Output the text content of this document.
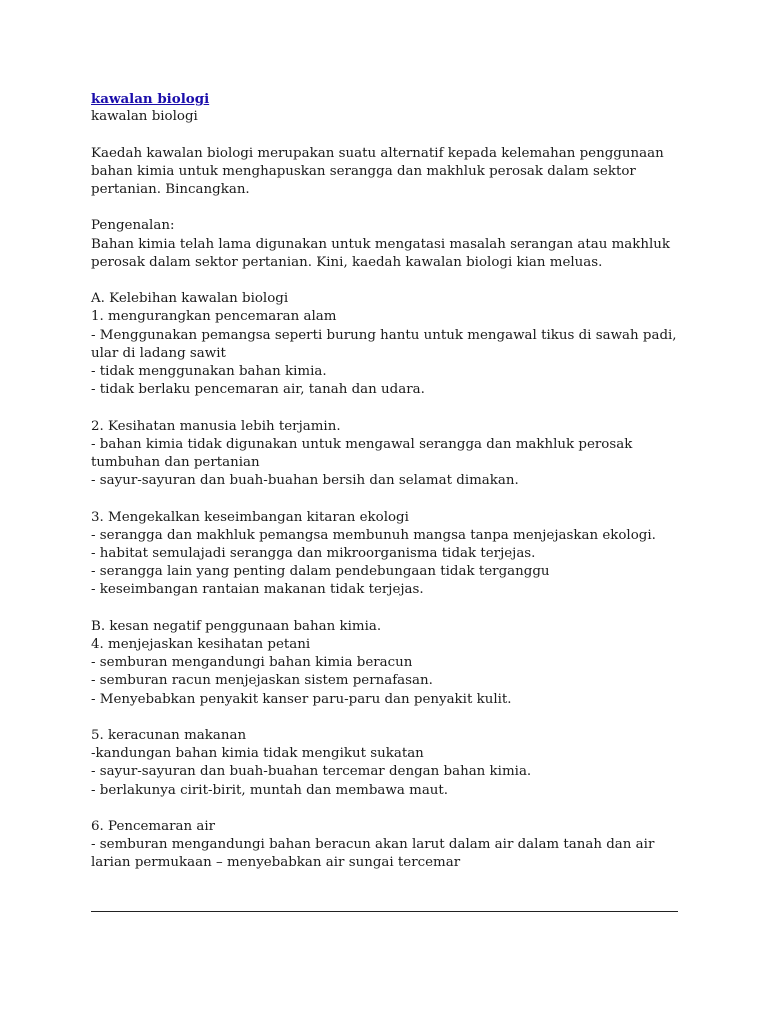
kawalan biologi
kawalan biologi
Kaedah kawalan biologi merupakan suatu alternatif kepada kelemahan penggunaan bahan kimia untuk menghapuskan serangga dan makhluk perosak dalam sektor pertanian. Bincangkan.
Pengenalan:
Bahan kimia telah lama digunakan untuk mengatasi masalah serangan atau makhluk perosak dalam sektor pertanian. Kini, kaedah kawalan biologi kian meluas.
A. Kelebihan kawalan biologi
1. mengurangkan pencemaran alam
- Menggunakan pemangsa seperti burung hantu untuk mengawal tikus di sawah padi, ular di ladang sawit
- tidak menggunakan bahan kimia.
- tidak berlaku pencemaran air, tanah dan udara.
2. Kesihatan manusia lebih terjamin.
- bahan kimia tidak digunakan untuk mengawal serangga dan makhluk perosak tumbuhan dan pertanian
- sayur-sayuran dan buah-buahan bersih dan selamat dimakan.
3. Mengekalkan keseimbangan kitaran ekologi
- serangga dan makhluk pemangsa membunuh mangsa tanpa menjejaskan ekologi.
- habitat semulajadi serangga dan mikroorganisma tidak terjejas.
- serangga lain yang penting dalam pendebungaan tidak terganggu
- keseimbangan rantaian makanan tidak terjejas.
B. kesan negatif penggunaan bahan kimia.
4. menjejaskan kesihatan petani
- semburan mengandungi bahan kimia beracun
- semburan racun menjejaskan sistem pernafasan.
- Menyebabkan penyakit kanser paru-paru dan penyakit kulit.
5. keracunan makanan
-kandungan bahan kimia tidak mengikut sukatan
- sayur-sayuran dan buah-buahan tercemar dengan bahan kimia.
- berlakunya cirit-birit, muntah dan membawa maut.
6. Pencemaran air
- semburan mengandungi bahan beracun akan larut dalam air dalam tanah dan air larian permukaan – menyebabkan air sungai tercemar
